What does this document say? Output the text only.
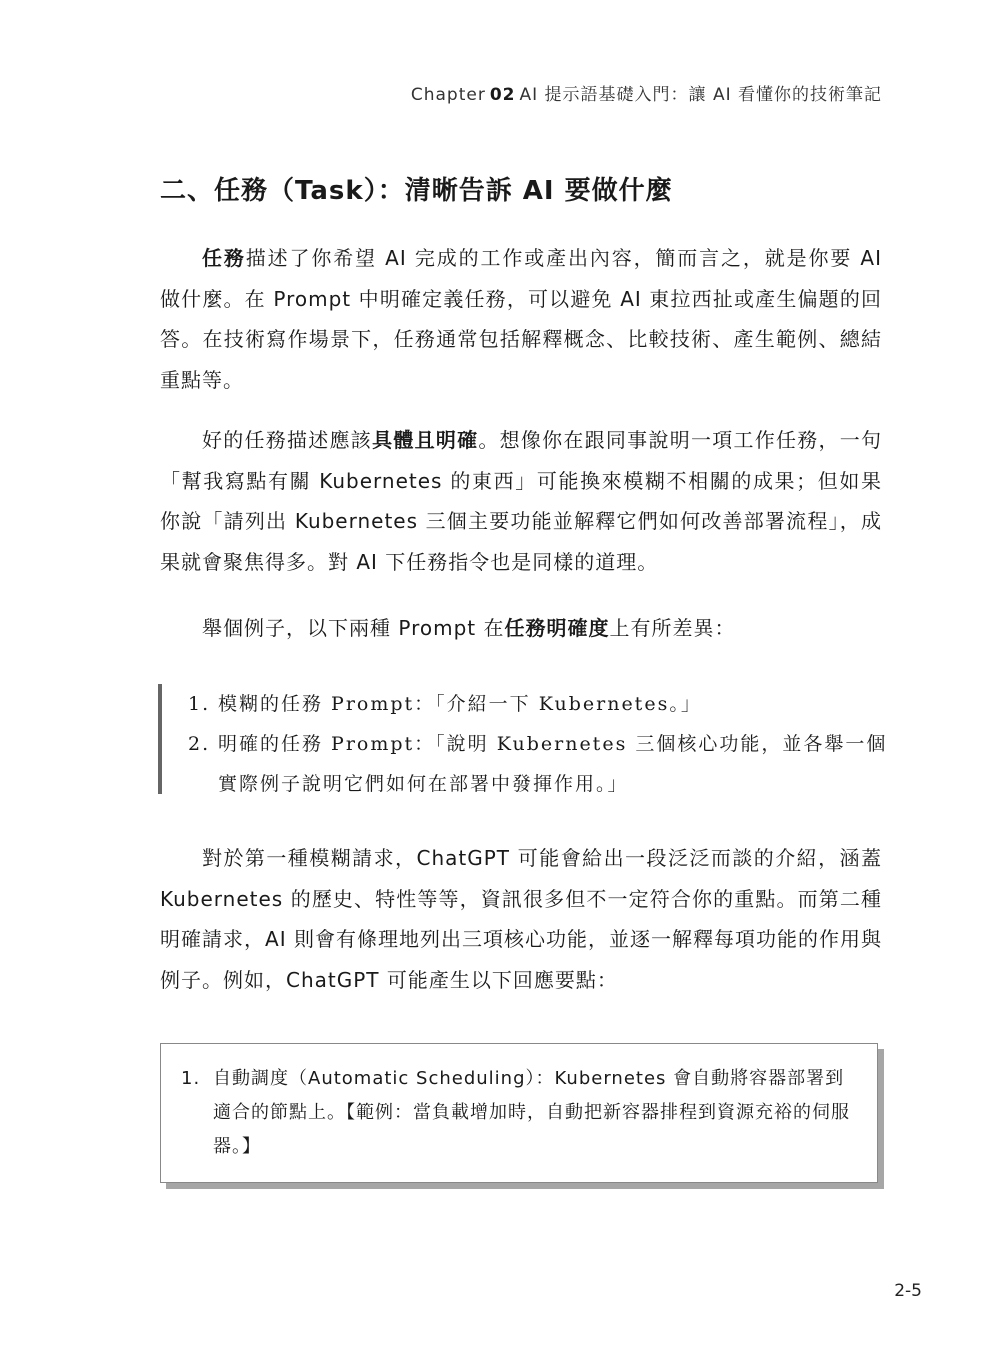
Chapter 02 AI 提示語基礎入門：讓 AI 看懂你的技術筆記
二、任務（Task）：清晰告訴 AI 要做什麼

任務描述了你希望 AI 完成的工作或產出內容，簡而言之，就是你要 AI 做什麼。在 Prompt 中明確定義任務，可以避免 AI 東拉西扯或產生偏題的回答。在技術寫作場景下，任務通常包括解釋概念、比較技術、產生範例、總結重點等。

好的任務描述應該具體且明確。想像你在跟同事說明一項工作任務，一句「幫我寫點有關 Kubernetes 的東西」可能換來模糊不相關的成果；但如果你說「請列出 Kubernetes 三個主要功能並解釋它們如何改善部署流程」，成果就會聚焦得多。對 AI 下任務指令也是同樣的道理。

舉個例子，以下兩種 Prompt 在任務明確度上有所差異：

1. 模糊的任務 Prompt：「介紹一下 Kubernetes。」
2. 明確的任務 Prompt：「說明 Kubernetes 三個核心功能，並各舉一個實際例子說明它們如何在部署中發揮作用。」

對於第一種模糊請求，ChatGPT 可能會給出一段泛泛而談的介紹，涵蓋 Kubernetes 的歷史、特性等等，資訊很多但不一定符合你的重點。而第二種明確請求，AI 則會有條理地列出三項核心功能，並逐一解釋每項功能的作用與例子。例如，ChatGPT 可能產生以下回應要點：

1. 自動調度（Automatic Scheduling）：Kubernetes 會自動將容器部署到適合的節點上。【範例：當負載增加時，自動把新容器排程到資源充裕的伺服器。】
2-5
